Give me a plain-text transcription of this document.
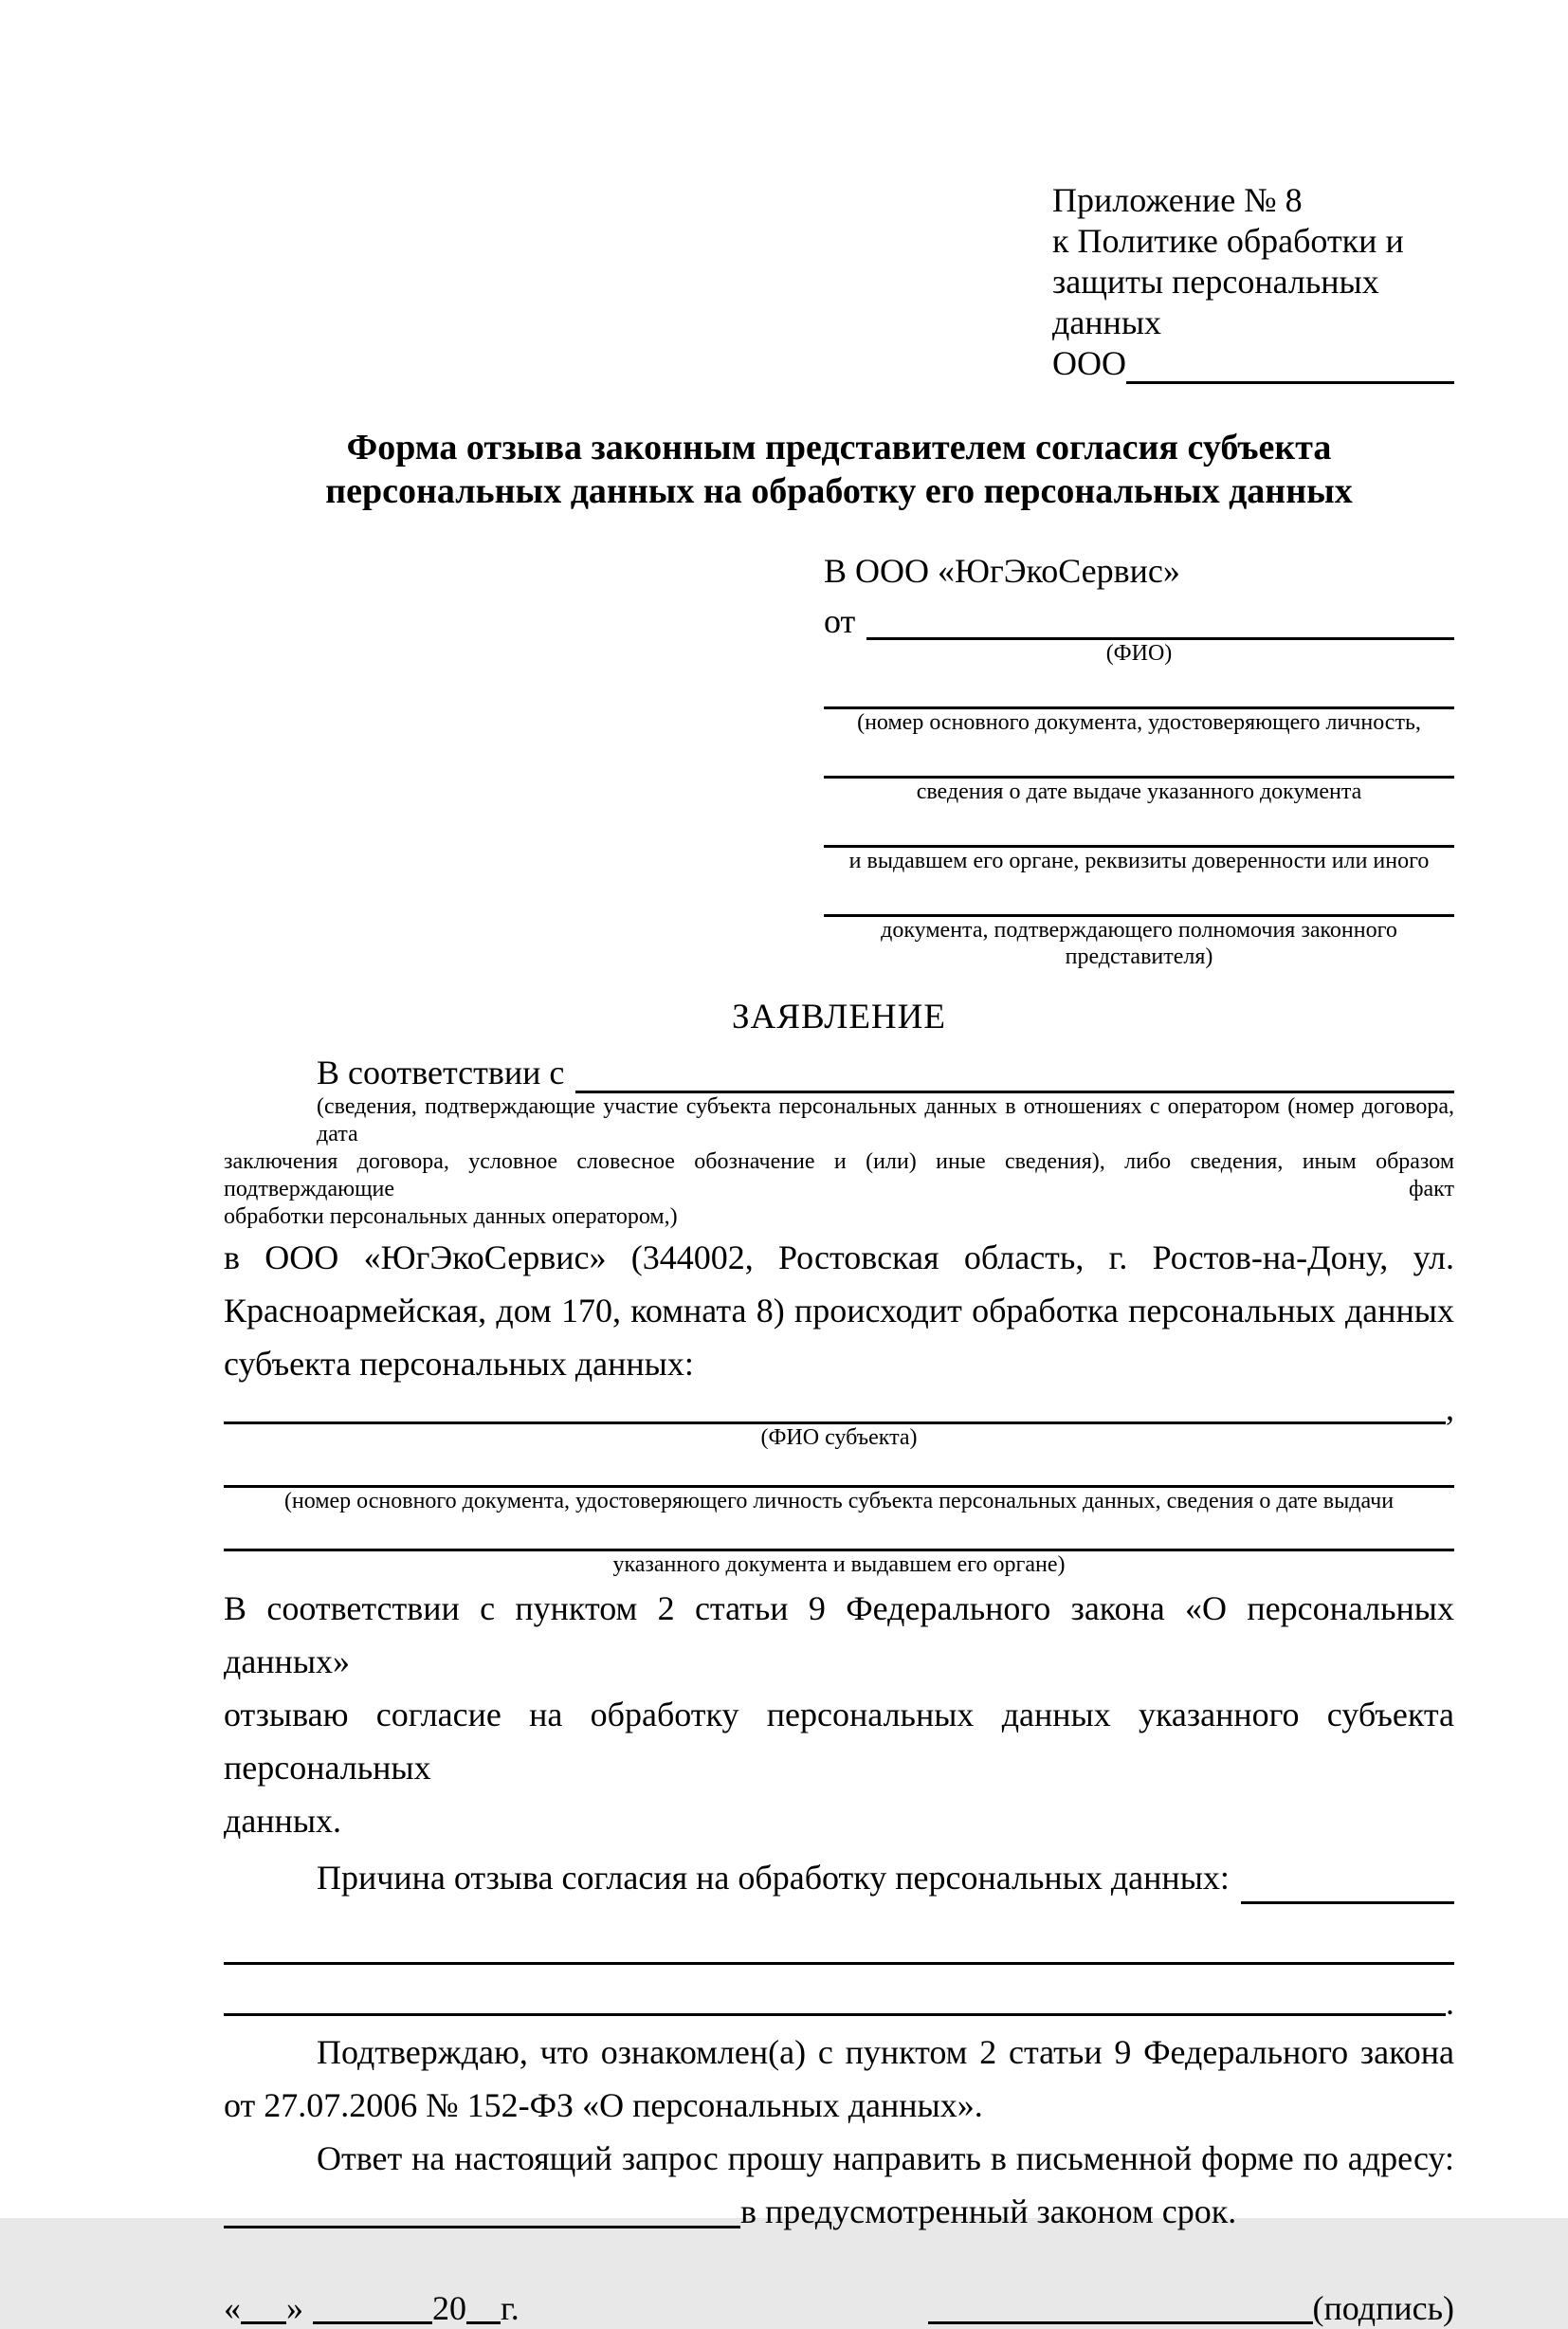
Приложение № 8
к Политике обработки и
защиты персональных данных
ООО
Форма отзыва законным представителем согласия субъекта
персональных данных на обработку его персональных данных
В ООО «ЮгЭкоСервис»
от
(ФИО)
(номер основного документа, удостоверяющего личность,
сведения о дате выдаче указанного документа
и выдавшем его органе, реквизиты доверенности или иного
документа, подтверждающего полномочия законного представителя)
ЗАЯВЛЕНИЕ
В соответствии с
(сведения, подтверждающие участие субъекта персональных данных в отношениях с оператором (номер договора, дата
заключения договора, условное словесное обозначение и (или) иные сведения), либо сведения, иным образом подтверждающие факт
обработки персональных данных оператором,)
в ООО «ЮгЭкоСервис» (344002, Ростовская область, г. Ростов-на-Дону, ул.
Красноармейская, дом 170, комната 8) происходит обработка персональных данных
субъекта персональных данных:
,
(ФИО субъекта)
(номер основного документа, удостоверяющего личность субъекта персональных данных, сведения о дате выдачи
указанного документа и выдавшем его органе)
В соответствии с пунктом 2 статьи 9 Федерального закона «О персональных данных»
отзываю согласие на обработку персональных данных указанного субъекта персональных
данных.
Причина отзыва согласия на обработку персональных данных:
.
Подтверждаю, что ознакомлен(а) с пунктом 2 статьи 9 Федерального закона
от 27.07.2006 № 152-ФЗ «О персональных данных».
Ответ на настоящий запрос прошу направить в письменной форме по адресу:
в предусмотренный законом срок.
« »	20 г.	(подпись)
